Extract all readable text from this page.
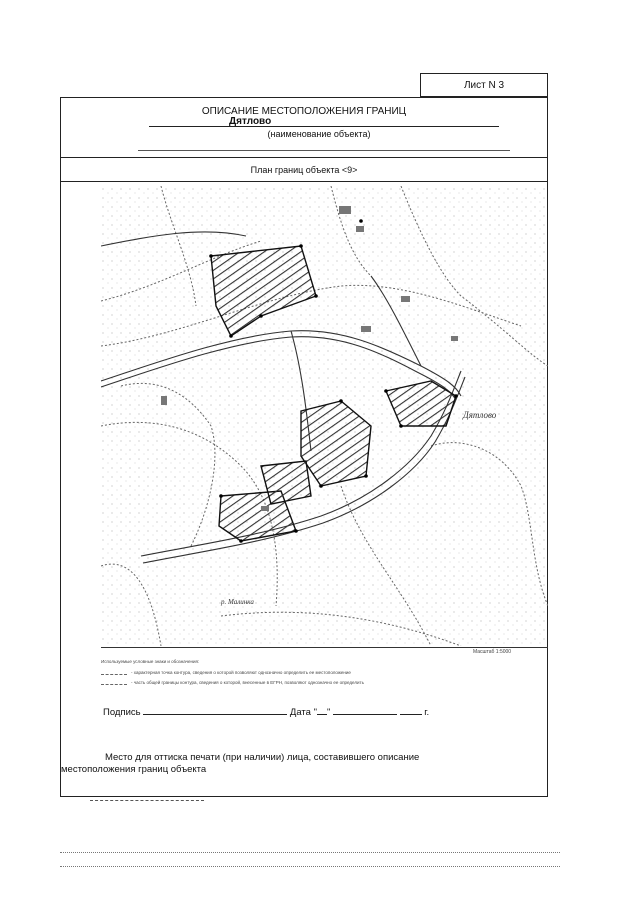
Лист N 3
ОПИСАНИЕ МЕСТОПОЛОЖЕНИЯ ГРАНИЦ
Дятлово
(наименование объекта)
План границ объекта <9>
Дятлово
р. Малинка
Масштаб 1:5000
Используемые условные знаки и обозначения:
- характерная точка контура, сведения о которой позволяют однозначно определить ее местоположение
- часть общей границы контура, сведения о которой, внесенные в ЕГРН, позволяют однозначно ее определить
Подпись	Дата " "	г.
Место для оттиска печати (при наличии) лица, составившего описание
местоположения границ объекта
